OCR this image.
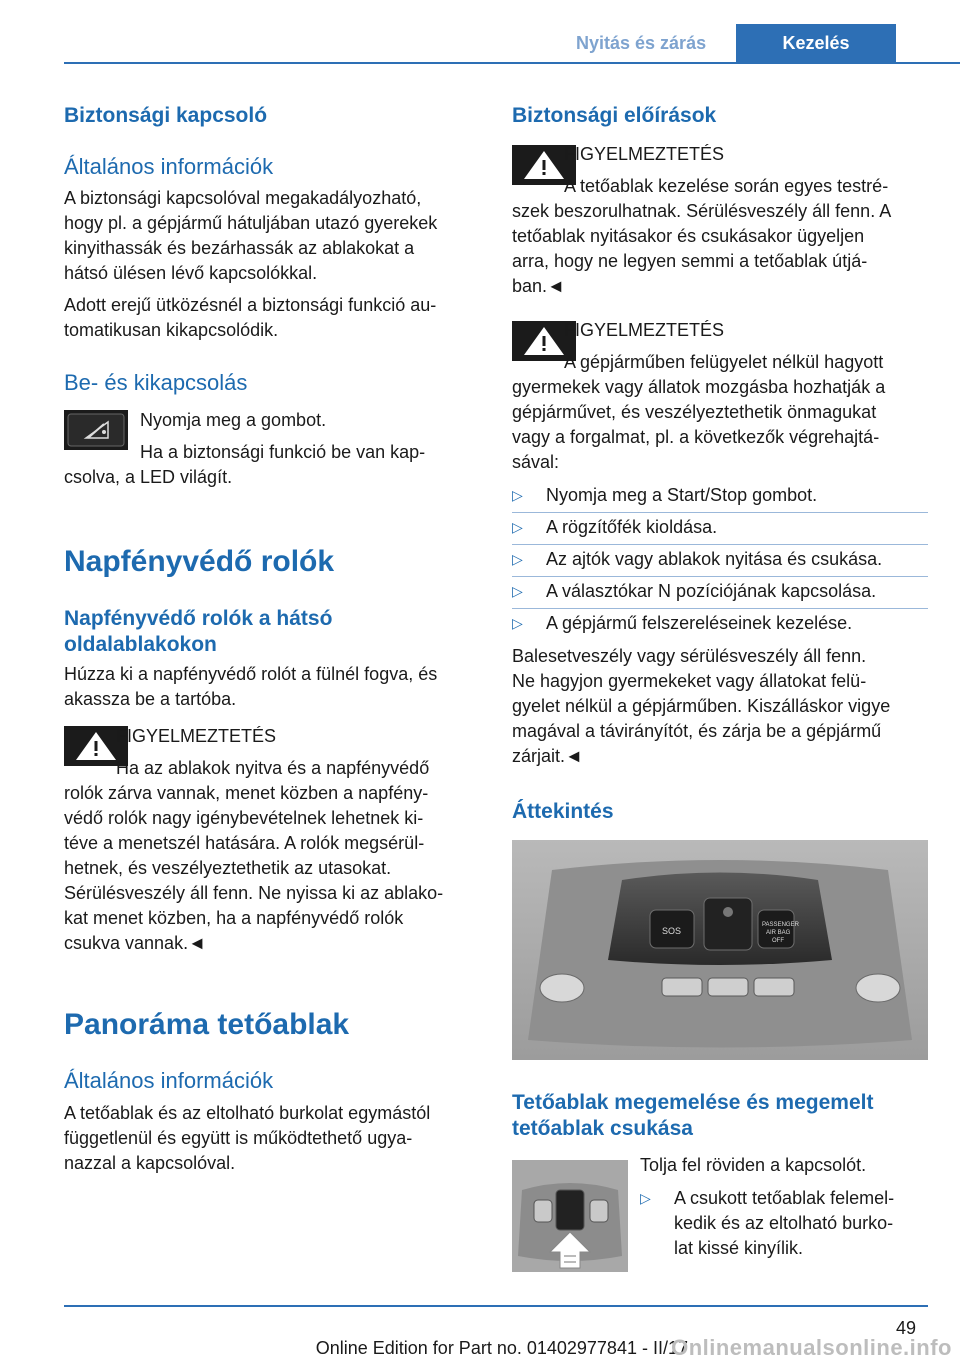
Nyitás és zárás	Kezelés
Biztonsági kapcsoló
Általános információk
A biztonsági kapcsolóval megakadályozható,
hogy pl. a gépjármű hátuljában utazó gyerekek
kinyithassák és bezárhassák az ablakokat a
hátsó ülésen lévő kapcsolókkal.
Adott erejű ütközésnél a biztonsági funkció au‐
tomatikusan kikapcsolódik.
Be- és kikapcsolás
Nyomja meg a gombot.
Ha a biztonsági funkció be van kap‐
csolva, a LED világít.
Napfényvédő rolók
Napfényvédő rolók a hátsó
oldalablakokon
Húzza ki a napfényvédő rolót a fülnél fogva, és
akassza be a tartóba.
FIGYELMEZTETÉS
Ha az ablakok nyitva és a napfényvédő
rolók zárva vannak, menet közben a napfény‐
védő rolók nagy igénybevételnek lehetnek ki‐
téve a menetszél hatására. A rolók megsérül‐
hetnek, és veszélyeztethetik az utasokat.
Sérülésveszély áll fenn. Ne nyissa ki az ablako‐
kat menet közben, ha a napfényvédő rolók
csukva vannak.◄
Panoráma tetőablak
Általános információk
A tetőablak és az eltolható burkolat egymástól
függetlenül és együtt is működtethető ugya‐
nazzal a kapcsolóval.
Biztonsági előírások
FIGYELMEZTETÉS
A tetőablak kezelése során egyes testré‐
szek beszorulhatnak. Sérülésveszély áll fenn. A
tetőablak nyitásakor és csukásakor ügyeljen
arra, hogy ne legyen semmi a tetőablak útjá‐
ban.◄
FIGYELMEZTETÉS
A gépjárműben felügyelet nélkül hagyott
gyermekek vagy állatok mozgásba hozhatják a
gépjárművet, és veszélyeztethetik önmagukat
vagy a forgalmat, pl. a következők végrehajtá‐
sával:
▷ Nyomja meg a Start/Stop gombot.
▷ A rögzítőfék kioldása.
▷ Az ajtók vagy ablakok nyitása és csukása.
▷ A választókar N pozíciójának kapcsolása.
▷ A gépjármű felszereléseinek kezelése.
Balesetveszély vagy sérülésveszély áll fenn.
Ne hagyjon gyermekeket vagy állatokat felü‐
gyelet nélkül a gépjárműben. Kiszálláskor vigye
magával a távirányítót, és zárja be a gépjármű
zárjait.◄
Áttekintés
SOS
PASSENGER
AIR BAG
OFF
Tetőablak megemelése és megemelt
tetőablak csukása
Tolja fel röviden a kapcsolót.
▷ A csukott tetőablak felemel‐
kedik és az eltolható burko‐
lat kissé kinyílik.
49
Online Edition for Part no. 01402977841 - II/17
Onlinemanualsonline.info
